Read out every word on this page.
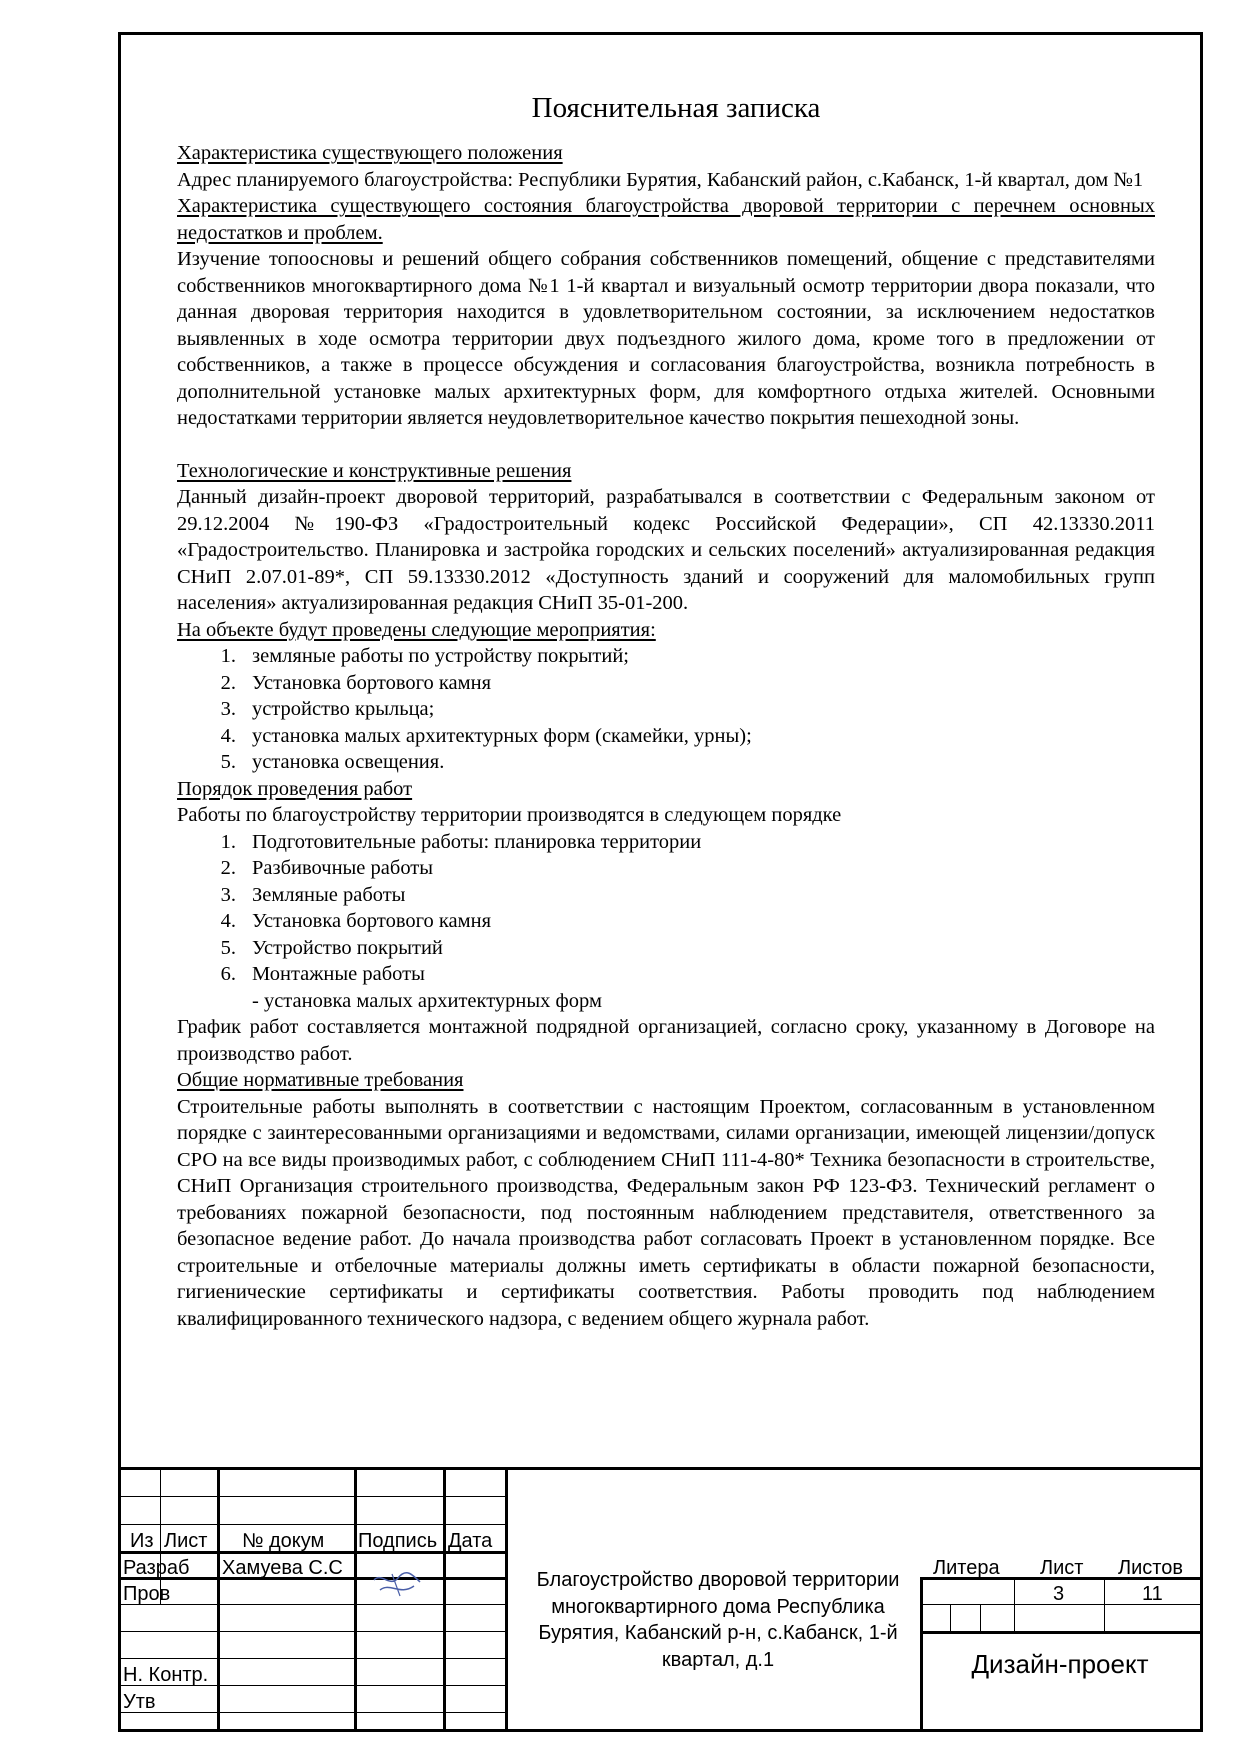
Пояснительная записка
Характеристика существующего положения
Адрес планируемого благоустройства: Республики Бурятия, Кабанский район, с.Кабанск, 1-й квартал, дом №1
Характеристика существующего состояния благоустройства дворовой территории с перечнем основных недостатков и проблем.
Изучение топоосновы и решений общего собрания собственников помещений, общение с представителями собственников многоквартирного дома №1 1-й квартал и визуальный осмотр территории двора показали, что данная дворовая территория находится в удовлетворительном состоянии, за исключением недостатков выявленных в ходе осмотра территории двух подъездного жилого дома, кроме того в предложении от собственников, а также в процессе обсуждения и согласования благоустройства, возникла потребность в дополнительной установке малых архитектурных форм, для комфортного отдыха жителей. Основными недостатками территории является неудовлетворительное качество покрытия пешеходной зоны.
Технологические и конструктивные решения
Данный дизайн-проект дворовой территорий, разрабатывался в соответствии с Федеральным законом от 29.12.2004 №190-ФЗ «Градостроительный кодекс Российской Федерации», СП 42.13330.2011 «Градостроительство. Планировка и застройка городских и сельских поселений» актуализированная редакция СНиП 2.07.01-89*, СП 59.13330.2012 «Доступность зданий и сооружений для маломобильных групп населения» актуализированная редакция СНиП 35-01-200.
На объекте будут проведены следующие мероприятия:
1. земляные работы по устройству покрытий;
2. Установка бортового камня
3. устройство крыльца;
4. установка малых архитектурных форм (скамейки, урны);
5. установка освещения.
Порядок проведения работ
Работы по благоустройству территории производятся в следующем порядке
1. Подготовительные работы: планировка территории
2. Разбивочные работы
3. Земляные работы
4. Установка бортового камня
5. Устройство покрытий
6. Монтажные работы
- установка малых архитектурных форм
График работ составляется монтажной подрядной организацией, согласно сроку, указанному в Договоре на производство работ.
Общие нормативные требования
Строительные работы выполнять в соответствии с настоящим Проектом, согласованным в установленном порядке с заинтересованными организациями и ведомствами, силами организации, имеющей лицензии/допуск СРО на все виды производимых работ, с соблюдением СНиП 111-4-80* Техника безопасности в строительстве, СНиП Организация строительного производства, Федеральным закон РФ 123-ФЗ. Технический регламент о требованиях пожарной безопасности, под постоянным наблюдением представителя, ответственного за безопасное ведение работ. До начала производства работ согласовать Проект в установленном порядке. Все строительные и отбелочные материалы должны иметь сертификаты в области пожарной безопасности, гигиенические сертификаты и сертификаты соответствия. Работы проводить под наблюдением квалифицированного технического надзора, с ведением общего журнала работ.
Из Лист № докум Подпись Дата
Разраб Хамуева С.С
Пров
Н. Контр.
Утв
Благоустройство дворовой территории многоквартирного дома Республика Бурятия, Кабанский р-н, с.Кабанск, 1-й квартал, д.1
Литера Лист Листов
3	11
Дизайн-проект
